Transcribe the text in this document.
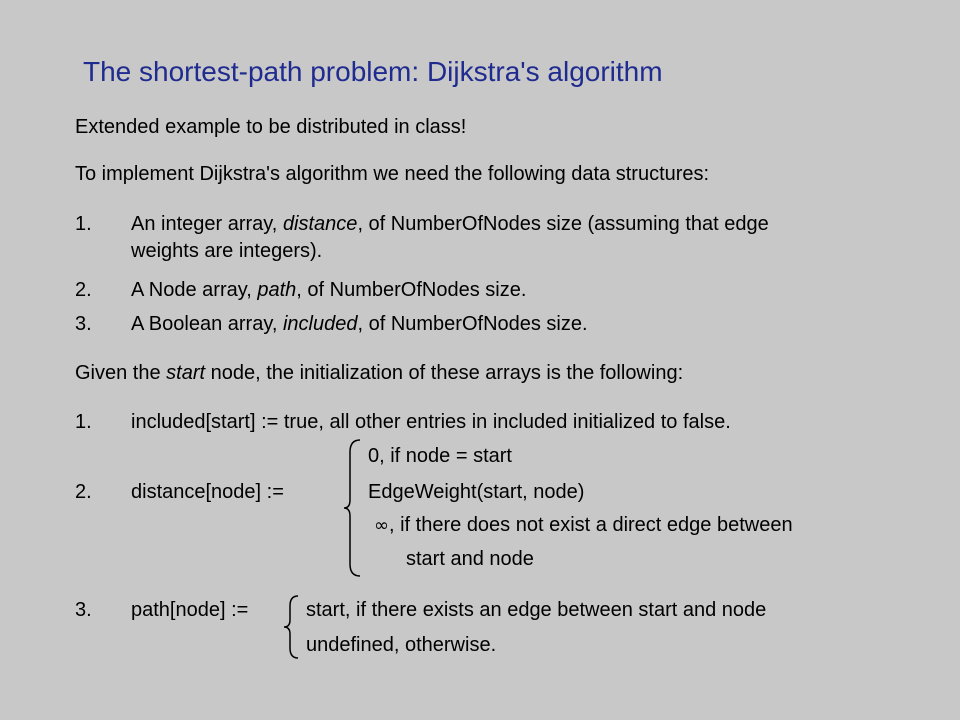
The shortest-path problem: Dijkstra's algorithm
Extended example to be distributed in class!
To implement Dijkstra's algorithm we need the following data structures:
1. An integer array, distance, of NumberOfNodes size (assuming that edge
weights are integers).
2. A Node array, path, of NumberOfNodes size.
3. A Boolean array, included, of NumberOfNodes size.
Given the start node, the initialization of these arrays is the following:
1. included[start] := true, all other entries in included initialized to false.
0, if node = start
2. distance[node] :=	EdgeWeight(start, node)
∞, if there does not exist a direct edge between
start and node
3. path[node] :=	start, if there exists an edge between start and node
undefined, otherwise.
